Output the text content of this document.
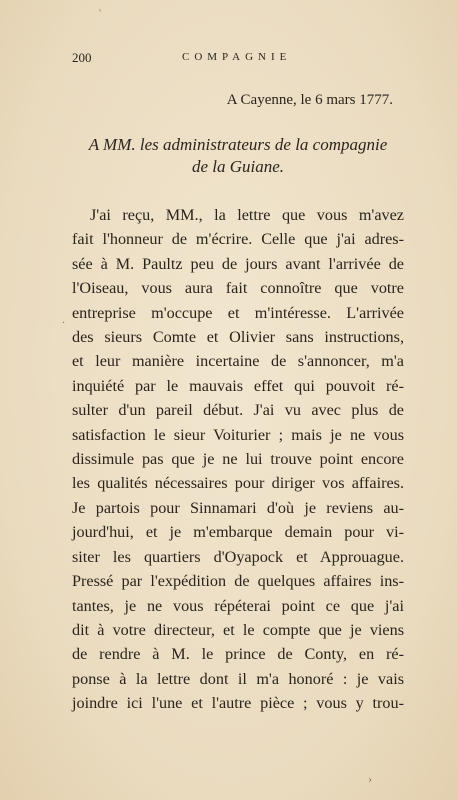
200	COMPAGNIE
A Cayenne, le 6 mars 1777.
A MM. les administrateurs de la compagnie
de la Guiane.
J'ai reçu, MM., la lettre que vous m'avez
fait l'honneur de m'écrire. Celle que j'ai adres-
sée à M. Paultz peu de jours avant l'arrivée de
l'Oiseau, vous aura fait connoître que votre
entreprise m'occupe et m'intéresse. L'arrivée
des sieurs Comte et Olivier sans instructions,
et leur manière incertaine de s'annoncer, m'a
inquiété par le mauvais effet qui pouvoit ré-
sulter d'un pareil début. J'ai vu avec plus de
satisfaction le sieur Voiturier ; mais je ne vous
dissimule pas que je ne lui trouve point encore
les qualités nécessaires pour diriger vos affaires.
Je partois pour Sinnamari d'où je reviens au-
jourd'hui, et je m'embarque demain pour vi-
siter les quartiers d'Oyapock et Approuague.
Pressé par l'expédition de quelques affaires ins-
tantes, je ne vous répéterai point ce que j'ai
dit à votre directeur, et le compte que je viens
de rendre à M. le prince de Conty, en ré-
ponse à la lettre dont il m'a honoré : je vais
joindre ici l'une et l'autre pièce ; vous y trou-
`
·
›
